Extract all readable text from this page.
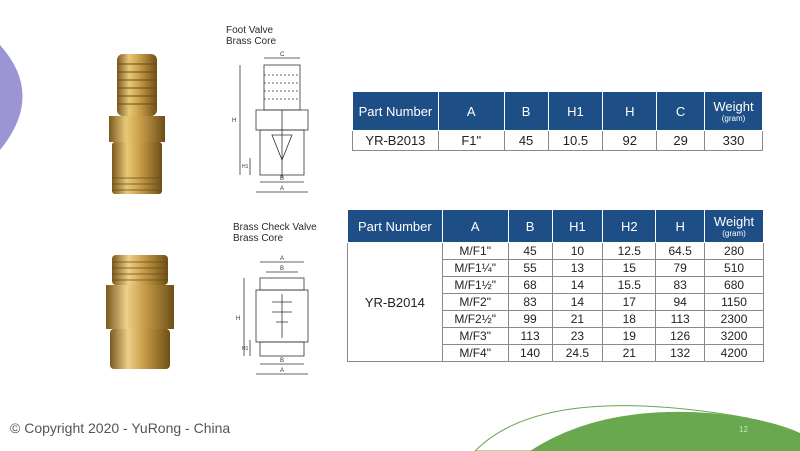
Foot Valve
Brass Core
C
H
H1
B
A
Brass Check Valve
Brass Core
A
B
H
H1
B
A
Part Number	A	B	H1	H	C	Weight
(gram)

YR-B2013	F1"	45	10.5	92	29	330
Part Number	A	B	H1	H2	H	Weight
(gram)

YR-B2014	M/F1"	45	10	12.5	64.5	280
	M/F1¼"	55	13	15	79	510
	M/F1½"	68	14	15.5	83	680
	M/F2"	83	14	17	94	1150
	M/F2½"	99	21	18	113	2300
	M/F3"	113	23	19	126	3200
	M/F4"	140	24.5	21	132	4200
© Copyright 2020 - YuRong - China	12
